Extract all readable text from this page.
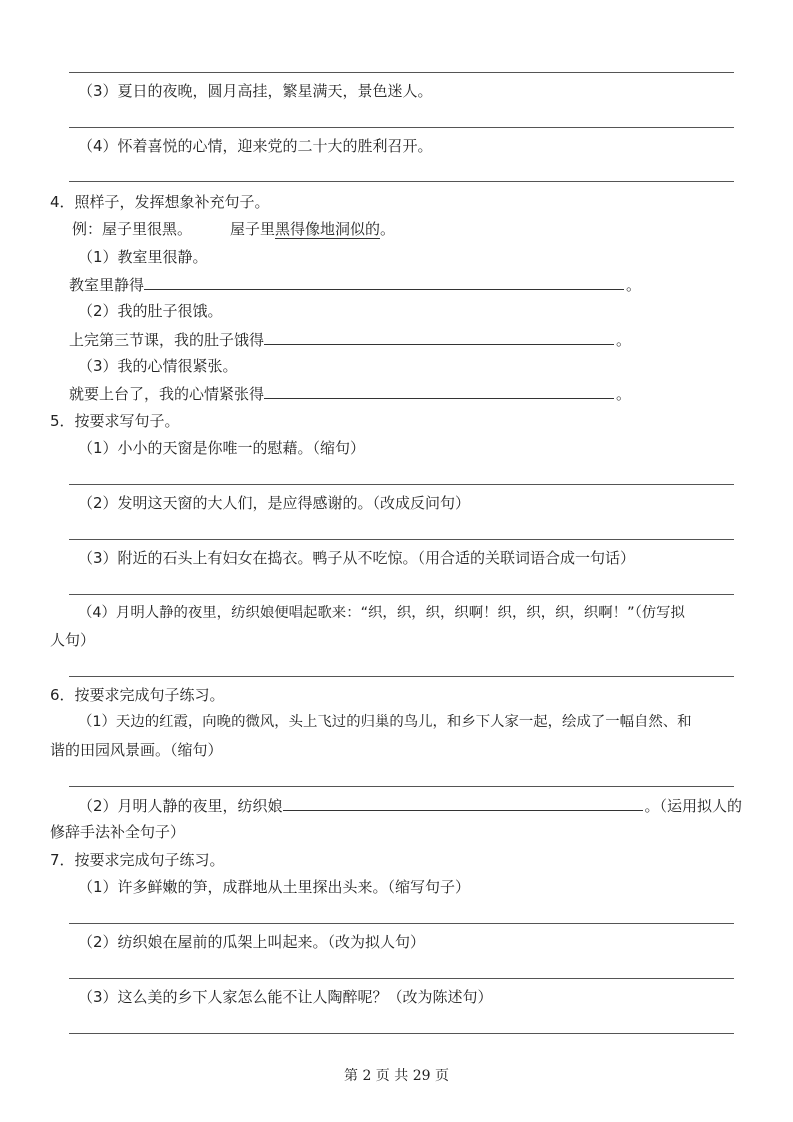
（3）夏日的夜晚，圆月高挂，繁星满天，景色迷人。
（4）怀着喜悦的心情，迎来党的二十大的胜利召开。
4．照样子，发挥想象补充句子。
例：屋子里很黑。	屋子里黑得像地洞似的。
（1）教室里很静。
教室里静得	。
（2）我的肚子很饿。
上完第三节课，我的肚子饿得	。
（3）我的心情很紧张。
就要上台了，我的心情紧张得	。
5．按要求写句子。
（1）小小的天窗是你唯一的慰藉。（缩句）
（2）发明这天窗的大人们，是应得感谢的。（改成反问句）
（3）附近的石头上有妇女在捣衣。鸭子从不吃惊。（用合适的关联词语合成一句话）
（4）月明人静的夜里，纺织娘便唱起歌来：“织，织，织，织啊！织，织，织，织啊！”（仿写拟
人句）
6．按要求完成句子练习。
（1）天边的红霞，向晚的微风，头上飞过的归巢的鸟儿，和乡下人家一起，绘成了一幅自然、和
谐的田园风景画。（缩句）
（2）月明人静的夜里，纺织娘	。（运用拟人的
修辞手法补全句子）
7．按要求完成句子练习。
（1）许多鲜嫩的笋，成群地从土里探出头来。（缩写句子）
（2）纺织娘在屋前的瓜架上叫起来。（改为拟人句）
（3）这么美的乡下人家怎么能不让人陶醉呢？（改为陈述句）
第 2 页 共 29 页
